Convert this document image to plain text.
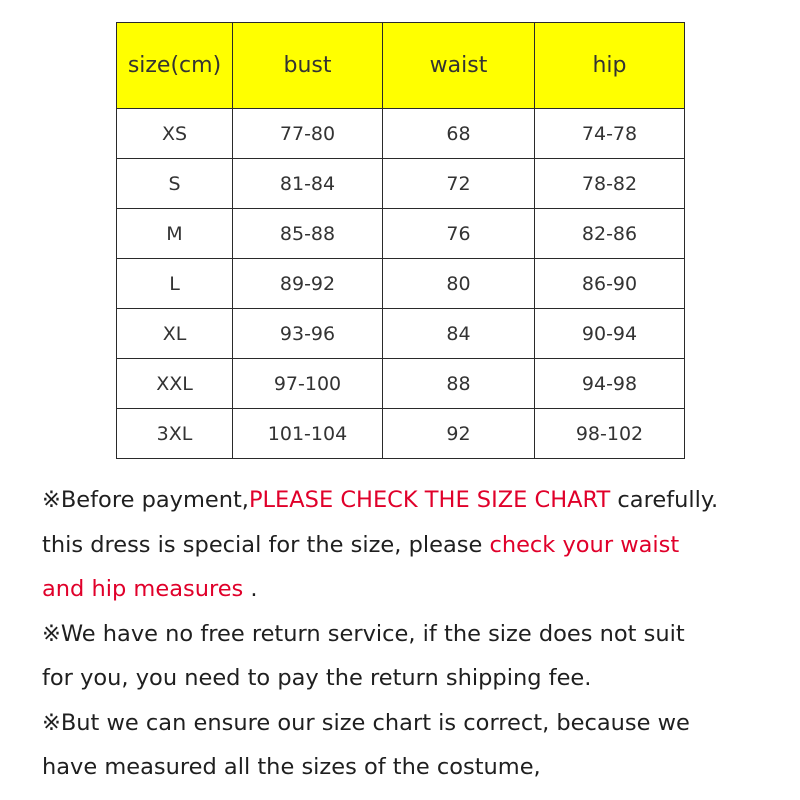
size(cm)	bust	waist	hip
XS	77-80	68	74-78
S	81-84	72	78-82
M	85-88	76	82-86
L	89-92	80	86-90
XL	93-96	84	90-94
XXL	97-100	88	94-98
3XL	101-104	92	98-102
※Before payment,PLEASE CHECK THE SIZE CHART carefully.
this dress is special for the size, please check your waist
and hip measures .
※We have no free return service, if the size does not suit
for you, you need to pay the return shipping fee.
※But we can ensure our size chart is correct, because we
have measured all the sizes of the costume,
